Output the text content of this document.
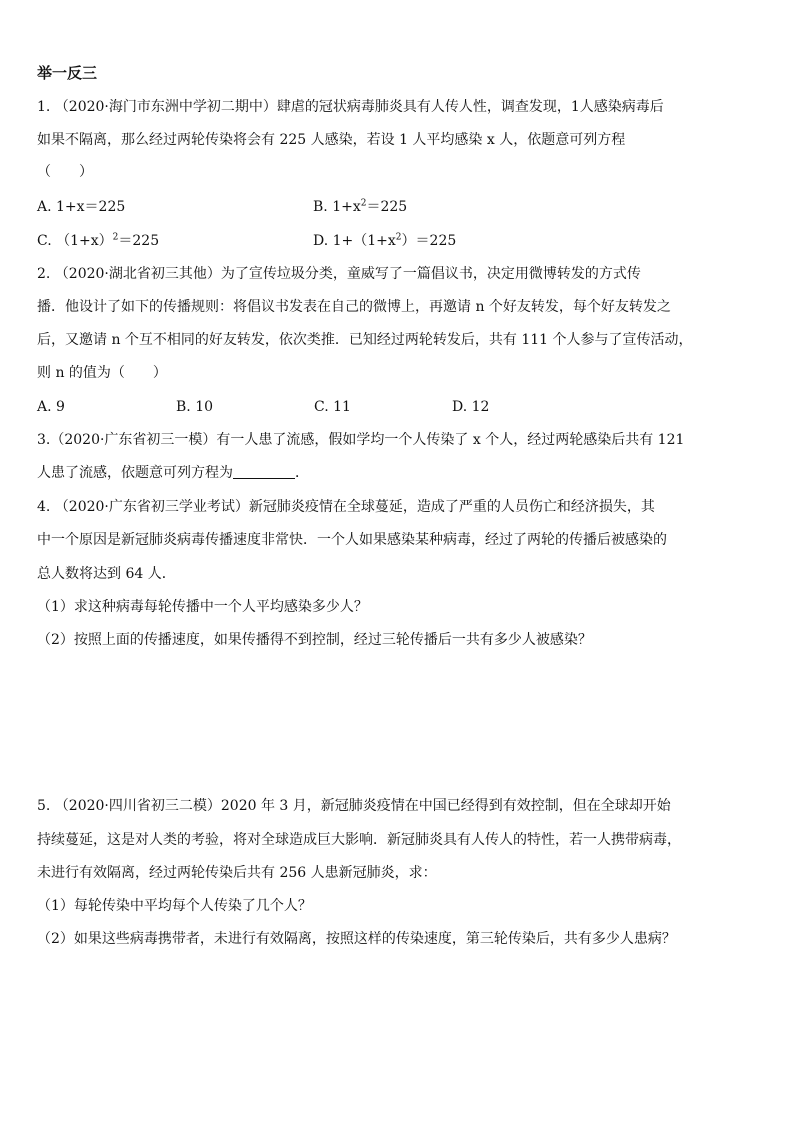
举一反三
1. （2020·海门市东洲中学初二期中）肆虐的冠状病毒肺炎具有人传人性，调查发现，1人感染病毒后
如果不隔离，那么经过两轮传染将会有 225 人感染，若设 1 人平均感染 x 人，依题意可列方程
（　　）
A. 1+x＝225	B. $1+x^2=225$
C. $(1+x)^2=225$	D. $1+(1+x^2)=225$
2. （2020·湖北省初三其他）为了宣传垃圾分类，童威写了一篇倡议书，决定用微博转发的方式传
播．他设计了如下的传播规则：将倡议书发表在自己的微博上，再邀请 n 个好友转发，每个好友转发之
后，又邀请 n 个互不相同的好友转发，依次类推．已知经过两轮转发后，共有 111 个人参与了宣传活动，
则 n 的值为（　　）
A. 9	B. 10	C. 11	D. 12
3.（2020·广东省初三一模）有一人患了流感，假如学均一个人传染了 x 个人，经过两轮感染后共有 121
人患了流感，依题意可列方程为	．
4. （2020·广东省初三学业考试）新冠肺炎疫情在全球蔓延，造成了严重的人员伤亡和经济损失，其
中一个原因是新冠肺炎病毒传播速度非常快．一个人如果感染某种病毒，经过了两轮的传播后被感染的
总人数将达到 64 人．
（1）求这种病毒每轮传播中一个人平均感染多少人？
（2）按照上面的传播速度，如果传播得不到控制，经过三轮传播后一共有多少人被感染？
5. （2020·四川省初三二模）2020 年 3 月，新冠肺炎疫情在中国已经得到有效控制，但在全球却开始
持续蔓延，这是对人类的考验，将对全球造成巨大影响．新冠肺炎具有人传人的特性，若一人携带病毒，
未进行有效隔离，经过两轮传染后共有 256 人患新冠肺炎，求：
（1）每轮传染中平均每个人传染了几个人？
（2）如果这些病毒携带者，未进行有效隔离，按照这样的传染速度，第三轮传染后，共有多少人患病？
